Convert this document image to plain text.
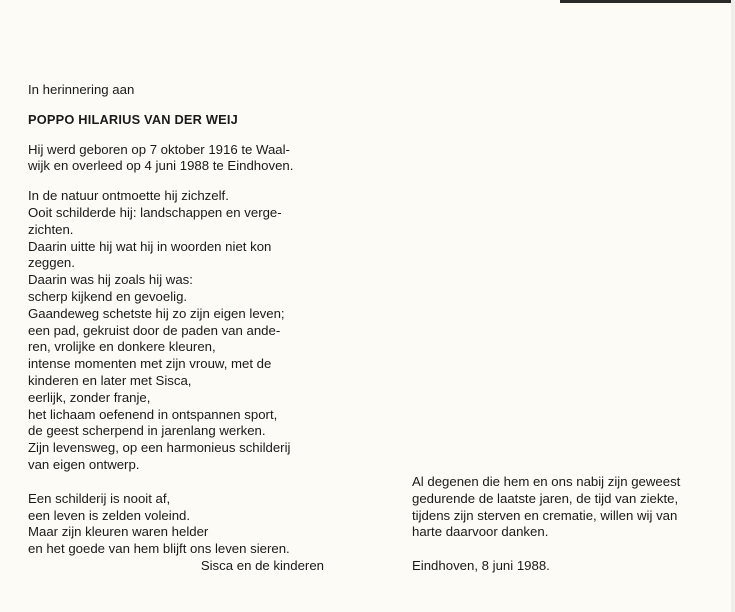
In herinnering aan

POPPO HILARIUS VAN DER WEIJ

Hij werd geboren op 7 oktober 1916 te Waal-
wijk en overleed op 4 juni 1988 te Eindhoven.

In de natuur ontmoette hij zichzelf.
Ooit schilderde hij: landschappen en verge-
zichten.
Daarin uitte hij wat hij in woorden niet kon
zeggen.
Daarin was hij zoals hij was:
scherp kijkend en gevoelig.
Gaandeweg schetste hij zo zijn eigen leven;
een pad, gekruist door de paden van ande-
ren, vrolijke en donkere kleuren,
intense momenten met zijn vrouw, met de
kinderen en later met Sisca,
eerlijk, zonder franje,
het lichaam oefenend in ontspannen sport,
de geest scherpend in jarenlang werken.
Zijn levensweg, op een harmonieus schilderij
van eigen ontwerp.

Een schilderij is nooit af,
een leven is zelden voleind.
Maar zijn kleuren waren helder
en het goede van hem blijft ons leven sieren.
Sisca en de kinderen

Al degenen die hem en ons nabij zijn geweest
gedurende de laatste jaren, de tijd van ziekte,
tijdens zijn sterven en crematie, willen wij van
harte daarvoor danken.

Eindhoven, 8 juni 1988.
